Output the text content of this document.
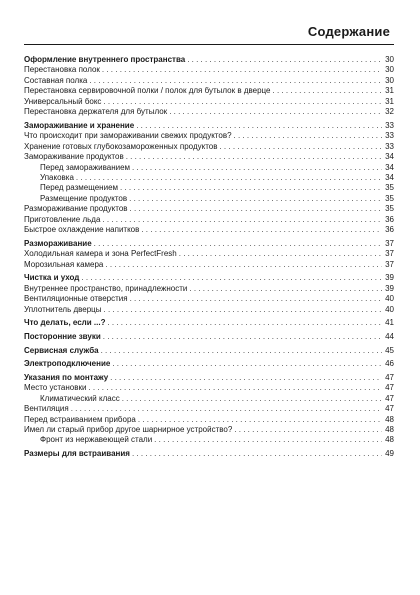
Содержание
Оформление внутреннего пространства . . .	30
Перестановка полок . . .	30
Составная полка . . .	30
Перестановка сервировочной полки / полок для бутылок в дверце . . .	31
Универсальный бокс . . .	31
Перестановка держателя для бутылок . . .	32
Замораживание и хранение . . .	33
Что происходит при замораживании свежих продуктов? . . .	33
Хранение готовых глубокозамороженных продуктов . . .	33
Замораживание продуктов . . .	34
Перед замораживанием . . .	34
Упаковка . . .	34
Перед размещением . . .	35
Размещение продуктов . . .	35
Размораживание продуктов . . .	35
Приготовление льда . . .	36
Быстрое охлаждение напитков . . .	36
Размораживание . . .	37
Холодильная камера и зона PerfectFresh . . .	37
Морозильная камера . . .	37
Чистка и уход . . .	39
Внутреннее пространство, принадлежности . . .	39
Вентиляционные отверстия . . .	40
Уплотнитель дверцы . . .	40
Что делать, если ...? . . .	41
Посторонние звуки . . .	44
Сервисная служба . . .	45
Электроподключение . . .	46
Указания по монтажу . . .	47
Место установки . . .	47
Климатический класс . . .	47
Вентиляция . . .	47
Перед встраиванием прибора . . .	48
Имел ли старый прибор другое шарнирное устройство? . . .	48
Фронт из нержавеющей стали . . .	48
Размеры для встраивания . . .	49
